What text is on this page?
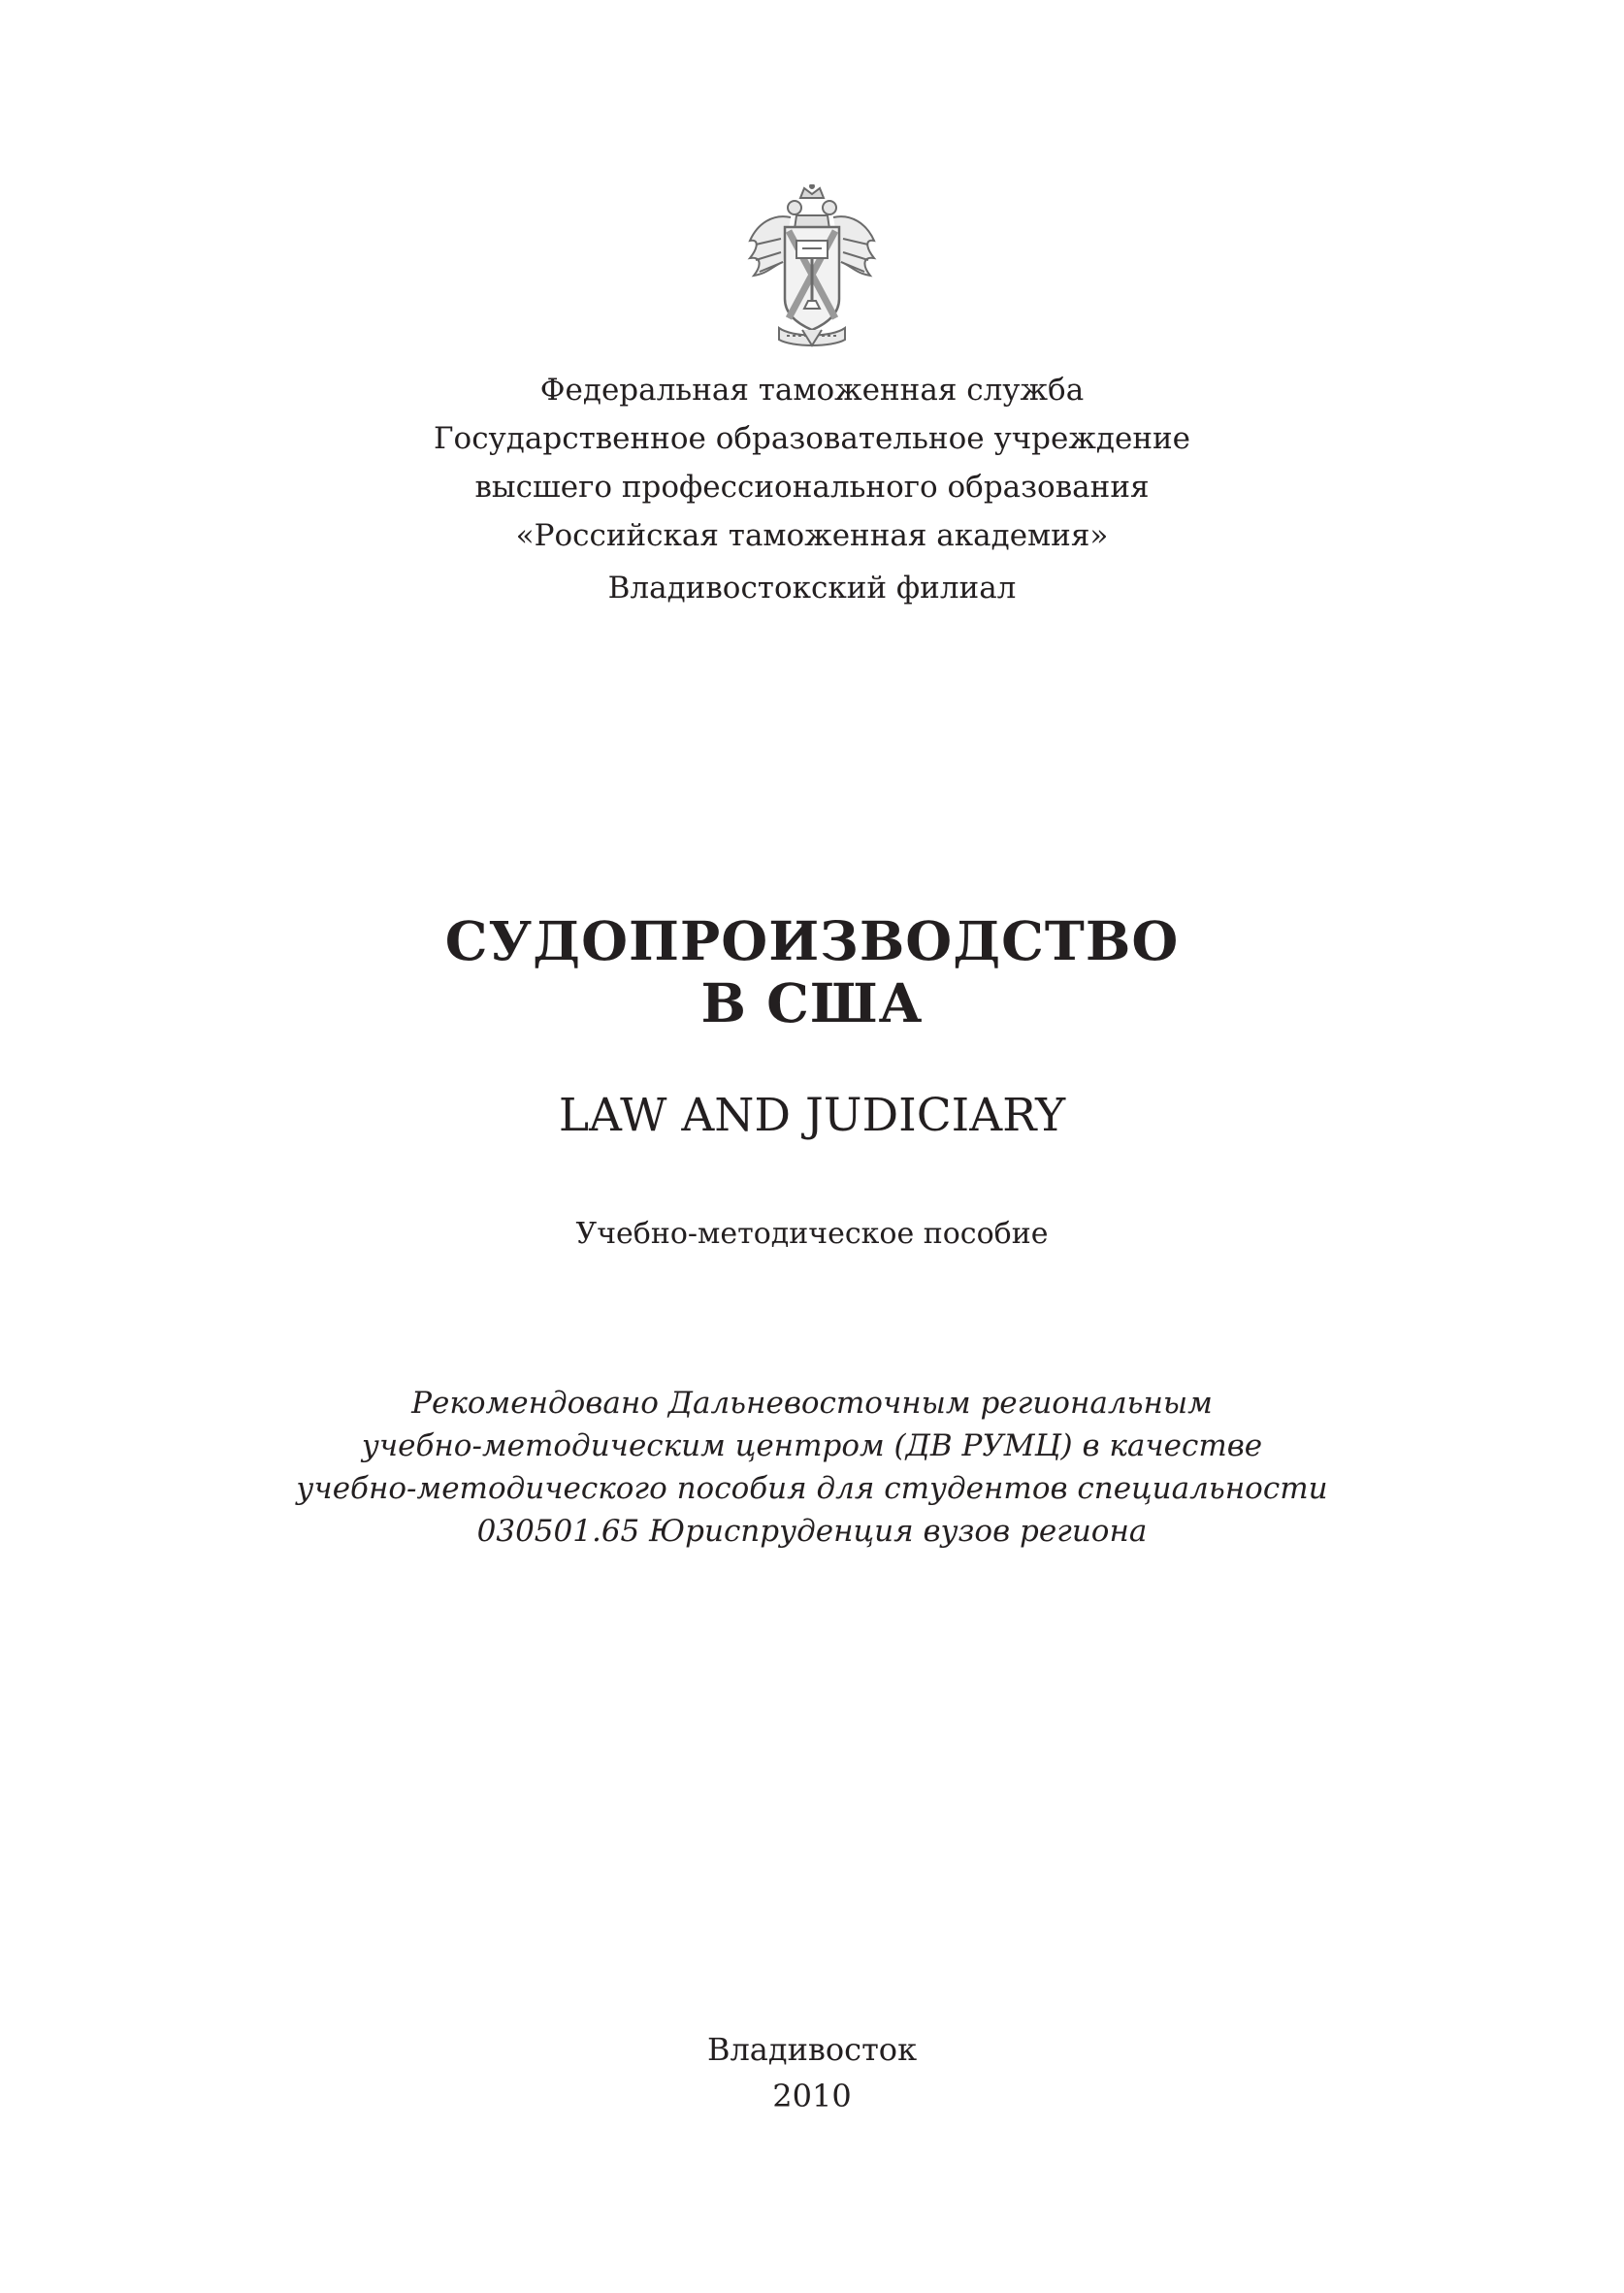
Федеральная таможенная служба
Государственное образовательное учреждение
высшего профессионального образования
«Российская таможенная академия»
Владивостокский филиал
СУДОПРОИЗВОДСТВО
В США
LAW AND JUDICIARY
Учебно-методическое пособие
Рекомендовано Дальневосточным региональным
учебно-методическим центром (ДВ РУМЦ) в качестве
учебно-методического пособия для студентов специальности
030501.65 Юриспруденция вузов региона
Владивосток
2010
